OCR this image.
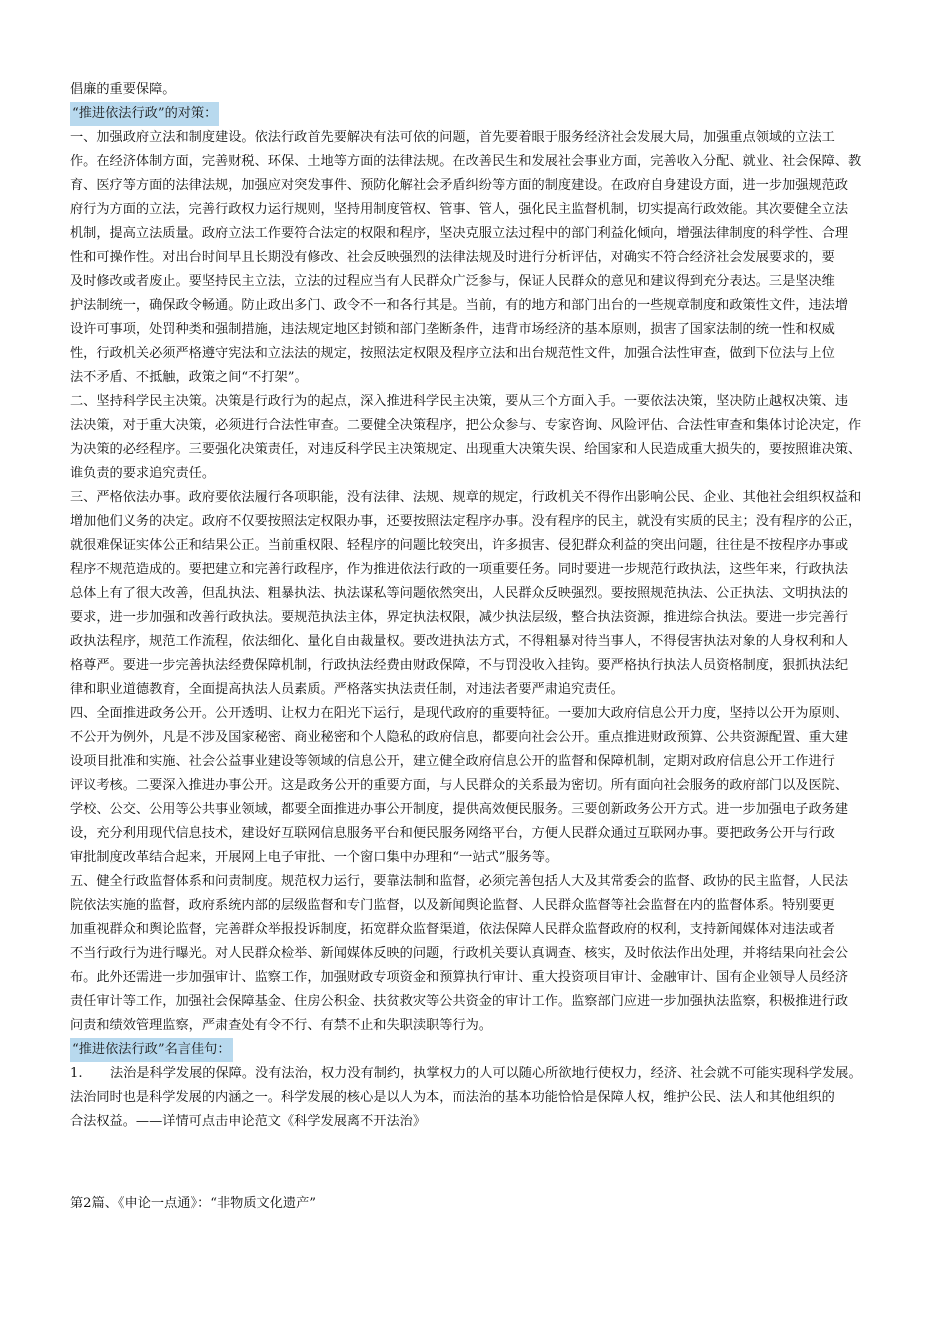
倡廉的重要保障。

“推进依法行政”的对策：

一、加强政府立法和制度建设。依法行政首先要解决有法可依的问题，首先要着眼于服务经济社会发展大局，加强重点领域的立法工

作。在经济体制方面，完善财税、环保、土地等方面的法律法规。在改善民生和发展社会事业方面，完善收入分配、就业、社会保障、教

育、医疗等方面的法律法规，加强应对突发事件、预防化解社会矛盾纠纷等方面的制度建设。在政府自身建设方面，进一步加强规范政

府行为方面的立法，完善行政权力运行规则，坚持用制度管权、管事、管人，强化民主监督机制，切实提高行政效能。其次要健全立法

机制，提高立法质量。政府立法工作要符合法定的权限和程序，坚决克服立法过程中的部门利益化倾向，增强法律制度的科学性、合理

性和可操作性。对出台时间早且长期没有修改、社会反映强烈的法律法规及时进行分析评估，对确实不符合经济社会发展要求的，要

及时修改或者废止。要坚持民主立法，立法的过程应当有人民群众广泛参与，保证人民群众的意见和建议得到充分表达。三是坚决维

护法制统一，确保政令畅通。防止政出多门、政令不一和各行其是。当前，有的地方和部门出台的一些规章制度和政策性文件，违法增

设许可事项，处罚种类和强制措施，违法规定地区封锁和部门垄断条件，违背市场经济的基本原则，损害了国家法制的统一性和权威

性，行政机关必须严格遵守宪法和立法法的规定，按照法定权限及程序立法和出台规范性文件，加强合法性审查，做到下位法与上位

法不矛盾、不抵触，政策之间“不打架”。

二、坚持科学民主决策。决策是行政行为的起点，深入推进科学民主决策，要从三个方面入手。一要依法决策，坚决防止越权决策、违

法决策，对于重大决策，必须进行合法性审查。二要健全决策程序，把公众参与、专家咨询、风险评估、合法性审查和集体讨论决定，作

为决策的必经程序。三要强化决策责任，对违反科学民主决策规定、出现重大决策失误、给国家和人民造成重大损失的，要按照谁决策、

谁负责的要求追究责任。

三、严格依法办事。政府要依法履行各项职能，没有法律、法规、规章的规定，行政机关不得作出影响公民、企业、其他社会组织权益和

增加他们义务的决定。政府不仅要按照法定权限办事，还要按照法定程序办事。没有程序的民主，就没有实质的民主；没有程序的公正，

就很难保证实体公正和结果公正。当前重权限、轻程序的问题比较突出，许多损害、侵犯群众利益的突出问题，往往是不按程序办事或

程序不规范造成的。要把建立和完善行政程序，作为推进依法行政的一项重要任务。同时要进一步规范行政执法，这些年来，行政执法

总体上有了很大改善，但乱执法、粗暴执法、执法谋私等问题依然突出，人民群众反映强烈。要按照规范执法、公正执法、文明执法的

要求，进一步加强和改善行政执法。要规范执法主体，界定执法权限，减少执法层级，整合执法资源，推进综合执法。要进一步完善行

政执法程序，规范工作流程，依法细化、量化自由裁量权。要改进执法方式，不得粗暴对待当事人，不得侵害执法对象的人身权利和人

格尊严。要进一步完善执法经费保障机制，行政执法经费由财政保障，不与罚没收入挂钩。要严格执行执法人员资格制度，狠抓执法纪

律和职业道德教育，全面提高执法人员素质。严格落实执法责任制，对违法者要严肃追究责任。

四、全面推进政务公开。公开透明、让权力在阳光下运行，是现代政府的重要特征。一要加大政府信息公开力度，坚持以公开为原则、

不公开为例外，凡是不涉及国家秘密、商业秘密和个人隐私的政府信息，都要向社会公开。重点推进财政预算、公共资源配置、重大建

设项目批准和实施、社会公益事业建设等领域的信息公开，建立健全政府信息公开的监督和保障机制，定期对政府信息公开工作进行

评议考核。二要深入推进办事公开。这是政务公开的重要方面，与人民群众的关系最为密切。所有面向社会服务的政府部门以及医院、

学校、公交、公用等公共事业领域，都要全面推进办事公开制度，提供高效便民服务。三要创新政务公开方式。进一步加强电子政务建

设，充分利用现代信息技术，建设好互联网信息服务平台和便民服务网络平台，方便人民群众通过互联网办事。要把政务公开与行政

审批制度改革结合起来，开展网上电子审批、一个窗口集中办理和“一站式”服务等。

五、健全行政监督体系和问责制度。规范权力运行，要靠法制和监督，必须完善包括人大及其常委会的监督、政协的民主监督，人民法

院依法实施的监督，政府系统内部的层级监督和专门监督，以及新闻舆论监督、人民群众监督等社会监督在内的监督体系。特别要更

加重视群众和舆论监督，完善群众举报投诉制度，拓宽群众监督渠道，依法保障人民群众监督政府的权利，支持新闻媒体对违法或者

不当行政行为进行曝光。对人民群众检举、新闻媒体反映的问题，行政机关要认真调查、核实，及时依法作出处理，并将结果向社会公

布。此外还需进一步加强审计、监察工作，加强财政专项资金和预算执行审计、重大投资项目审计、金融审计、国有企业领导人员经济

责任审计等工作，加强社会保障基金、住房公积金、扶贫救灾等公共资金的审计工作。监察部门应进一步加强执法监察，积极推进行政

问责和绩效管理监察，严肃查处有令不行、有禁不止和失职渎职等行为。

“推进依法行政”名言佳句：

1. 法治是科学发展的保障。没有法治，权力没有制约，执掌权力的人可以随心所欲地行使权力，经济、社会就不可能实现科学发展。

法治同时也是科学发展的内涵之一。科学发展的核心是以人为本，而法治的基本功能恰恰是保障人权，维护公民、法人和其他组织的

合法权益。——详情可点击申论范文《科学发展离不开法治》

第2篇、《申论一点通》：“非物质文化遗产”
